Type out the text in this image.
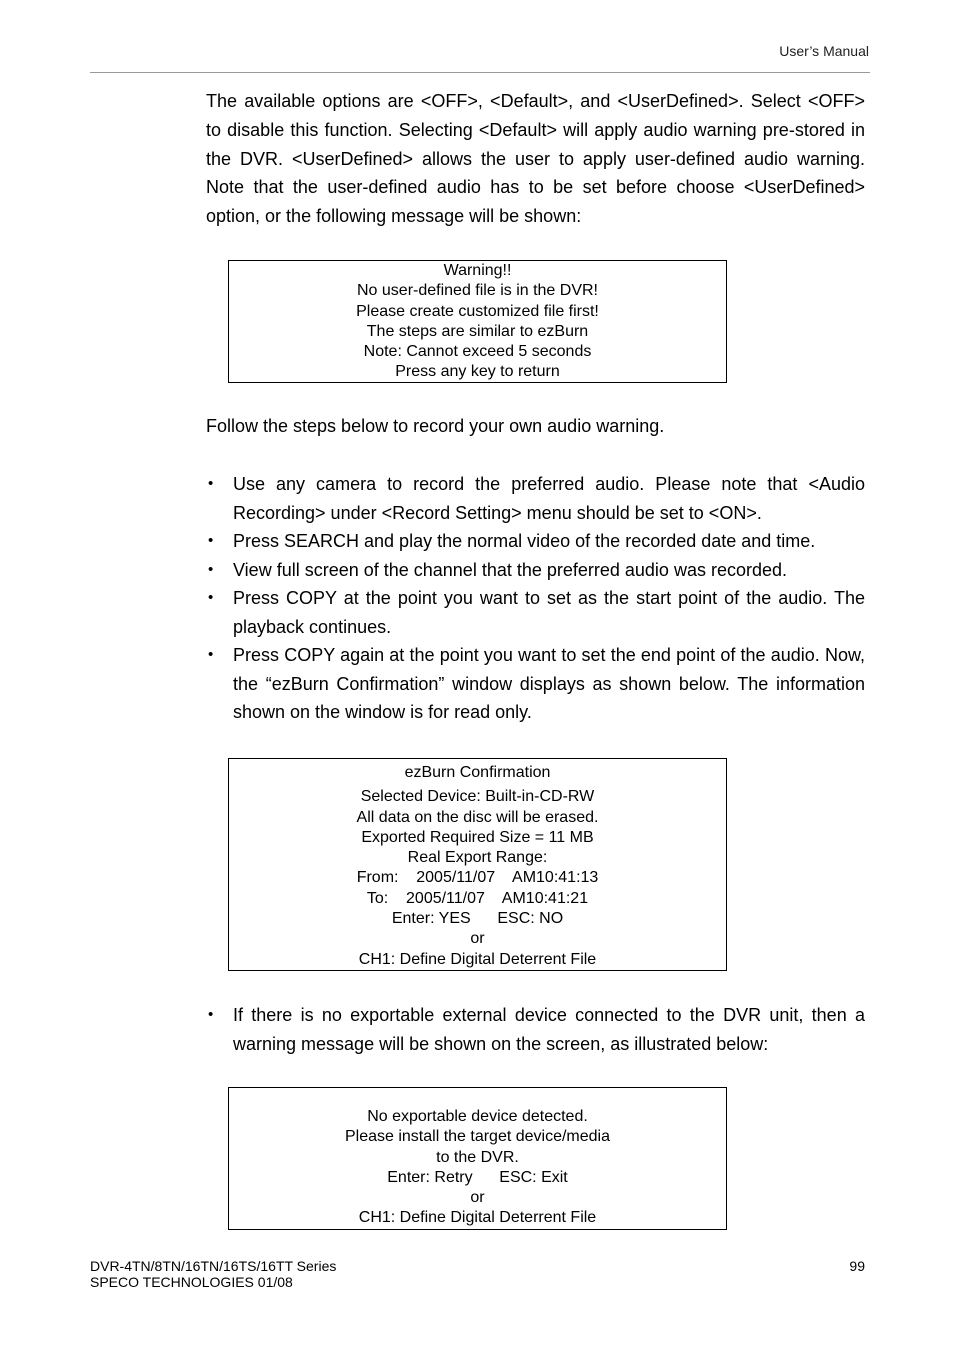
User’s Manual

The available options are <OFF>, <Default>, and <UserDefined>. Select <OFF> to disable this function. Selecting <Default> will apply audio warning pre-stored in the DVR. <UserDefined> allows the user to apply user-defined audio warning. Note that the user-defined audio has to be set before choose <UserDefined> option, or the following message will be shown:

Warning!!
No user-defined file is in the DVR!
Please create customized file first!
The steps are similar to ezBurn
Note: Cannot exceed 5 seconds
Press any key to return

Follow the steps below to record your own audio warning.

• Use any camera to record the preferred audio. Please note that <Audio Recording> under <Record Setting> menu should be set to <ON>.
• Press SEARCH and play the normal video of the recorded date and time.
• View full screen of the channel that the preferred audio was recorded.
• Press COPY at the point you want to set as the start point of the audio. The playback continues.
• Press COPY again at the point you want to set the end point of the audio. Now, the “ezBurn Confirmation” window displays as shown below. The information shown on the window is for read only.
ezBurn Confirmation
Selected Device: Built-in-CD-RW
All data on the disc will be erased.
Exported Required Size = 11 MB
Real Export Range:
From:    2005/11/07    AM10:41:13
To:    2005/11/07    AM10:41:21
Enter: YES      ESC: NO
or
CH1: Define Digital Deterrent File
• If there is no exportable external device connected to the DVR unit, then a warning message will be shown on the screen, as illustrated below:
No exportable device detected.
Please install the target device/media
to the DVR.
Enter: Retry      ESC: Exit
or
CH1: Define Digital Deterrent File
DVR-4TN/8TN/16TN/16TS/16TT Series
SPECO TECHNOLOGIES 01/08
99
